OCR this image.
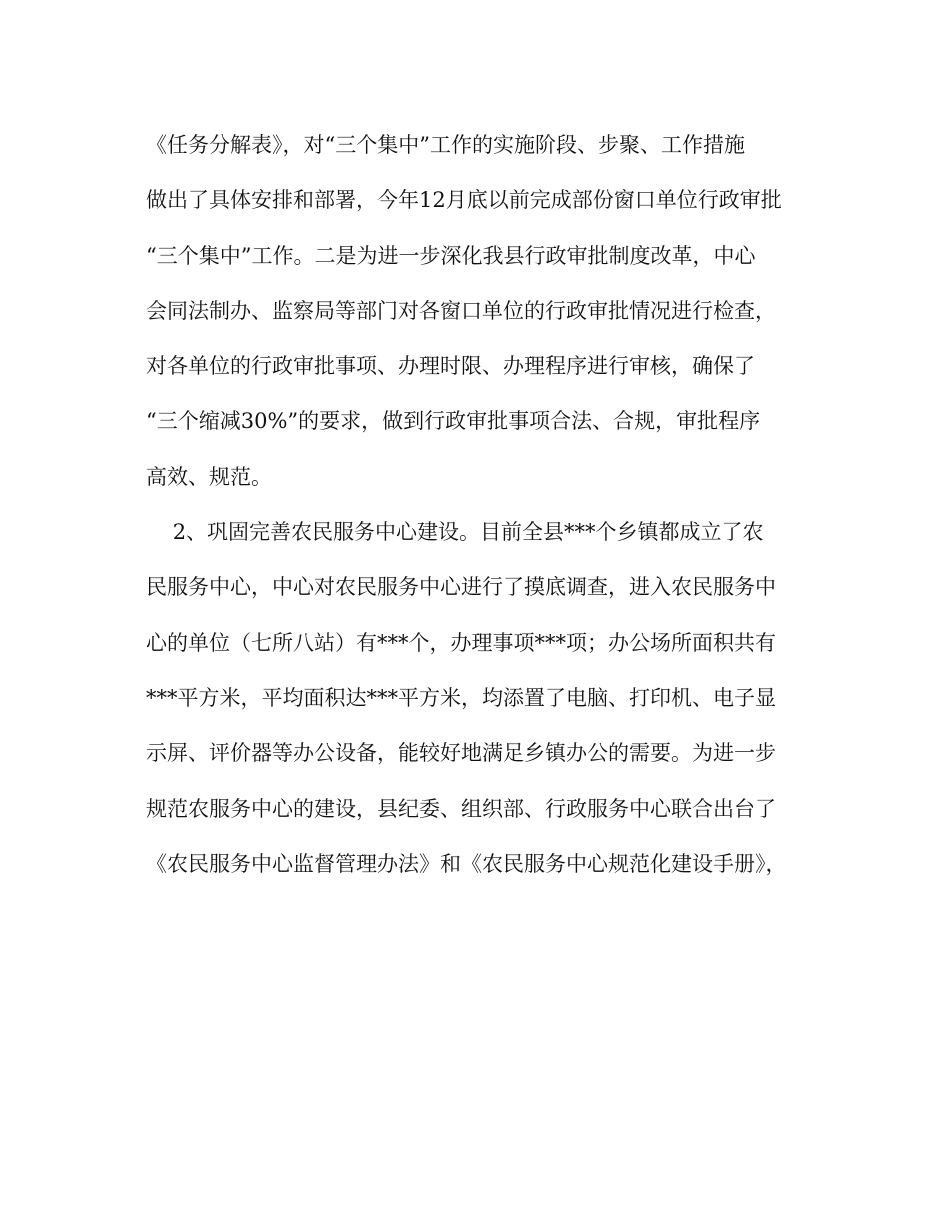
《任务分解表》，对“三个集中”工作的实施阶段、步聚、工作措施
做出了具体安排和部署，今年12月底以前完成部份窗口单位行政审批
“三个集中”工作。二是为进一步深化我县行政审批制度改革，中心
会同法制办、监察局等部门对各窗口单位的行政审批情况进行检查，
对各单位的行政审批事项、办理时限、办理程序进行审核，确保了
“三个缩减30%”的要求，做到行政审批事项合法、合规，审批程序
高效、规范。
2、巩固完善农民服务中心建设。目前全县***个乡镇都成立了农
民服务中心，中心对农民服务中心进行了摸底调查，进入农民服务中
心的单位（七所八站）有***个，办理事项***项；办公场所面积共有
***平方米，平均面积达***平方米，均添置了电脑、打印机、电子显
示屏、评价器等办公设备，能较好地满足乡镇办公的需要。为进一步
规范农服务中心的建设，县纪委、组织部、行政服务中心联合出台了
《农民服务中心监督管理办法》和《农民服务中心规范化建设手册》，
